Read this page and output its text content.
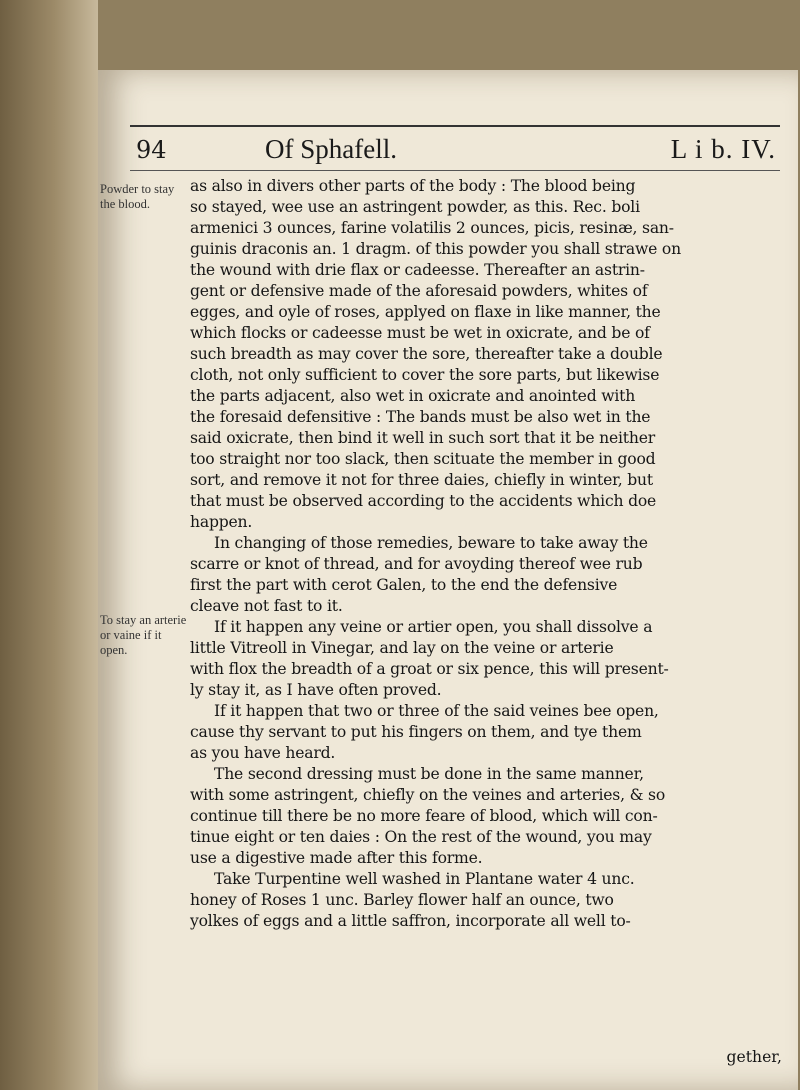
94	Of Sphafell.	L i b. IV.
Powder to stay the blood.
To stay an arterie or vaine if it open.
as also in divers other parts of the body : The blood being
so stayed, wee use an astringent powder, as this. Rec. boli
armenici 3 ounces, farine volatilis 2 ounces, picis, resinæ, san-
guinis draconis an. 1 dragm. of this powder you shall strawe on
the wound with drie flax or cadeesse. Thereafter an astrin-
gent or defensive made of the aforesaid powders, whites of
egges, and oyle of roses, applyed on flaxe in like manner, the
which flocks or cadeesse must be wet in oxicrate, and be of
such breadth as may cover the sore, thereafter take a double
cloth, not only sufficient to cover the sore parts, but likewise
the parts adjacent, also wet in oxicrate and anointed with
the foresaid defensitive : The bands must be also wet in the
said oxicrate, then bind it well in such sort that it be neither
too straight nor too slack, then scituate the member in good
sort, and remove it not for three daies, chiefly in winter, but
that must be observed according to the accidents which doe
happen.
In changing of those remedies, beware to take away the
scarre or knot of thread, and for avoyding thereof wee rub
first the part with cerot Galen, to the end the defensive
cleave not fast to it.
If it happen any veine or artier open, you shall dissolve a
little Vitreoll in Vinegar, and lay on the veine or arterie
with flox the breadth of a groat or six pence, this will present-
ly stay it, as I have often proved.
If it happen that two or three of the said veines bee open,
cause thy servant to put his fingers on them, and tye them
as you have heard.
The second dressing must be done in the same manner,
with some astringent, chiefly on the veines and arteries, & so
continue till there be no more feare of blood, which will con-
tinue eight or ten daies : On the rest of the wound, you may
use a digestive made after this forme.
Take Turpentine well washed in Plantane water 4 unc.
honey of Roses 1 unc. Barley flower half an ounce, two
yolkes of eggs and a little saffron, incorporate all well to-
gether,
